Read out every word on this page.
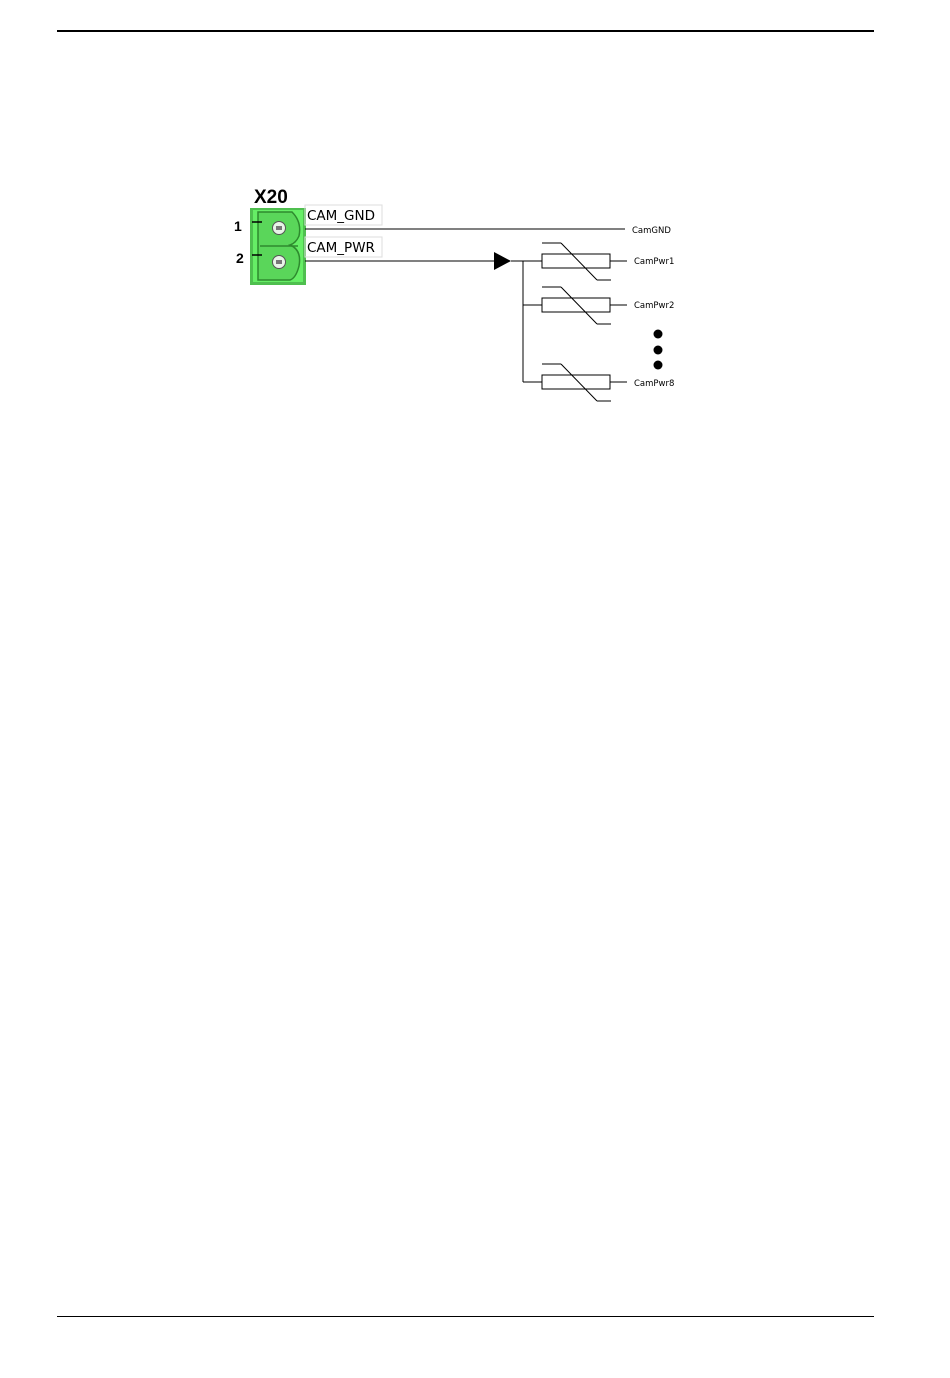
X20
1
2
CAM_GND
CAM_PWR
CamGND
CamPwr1
CamPwr2
CamPwr8
